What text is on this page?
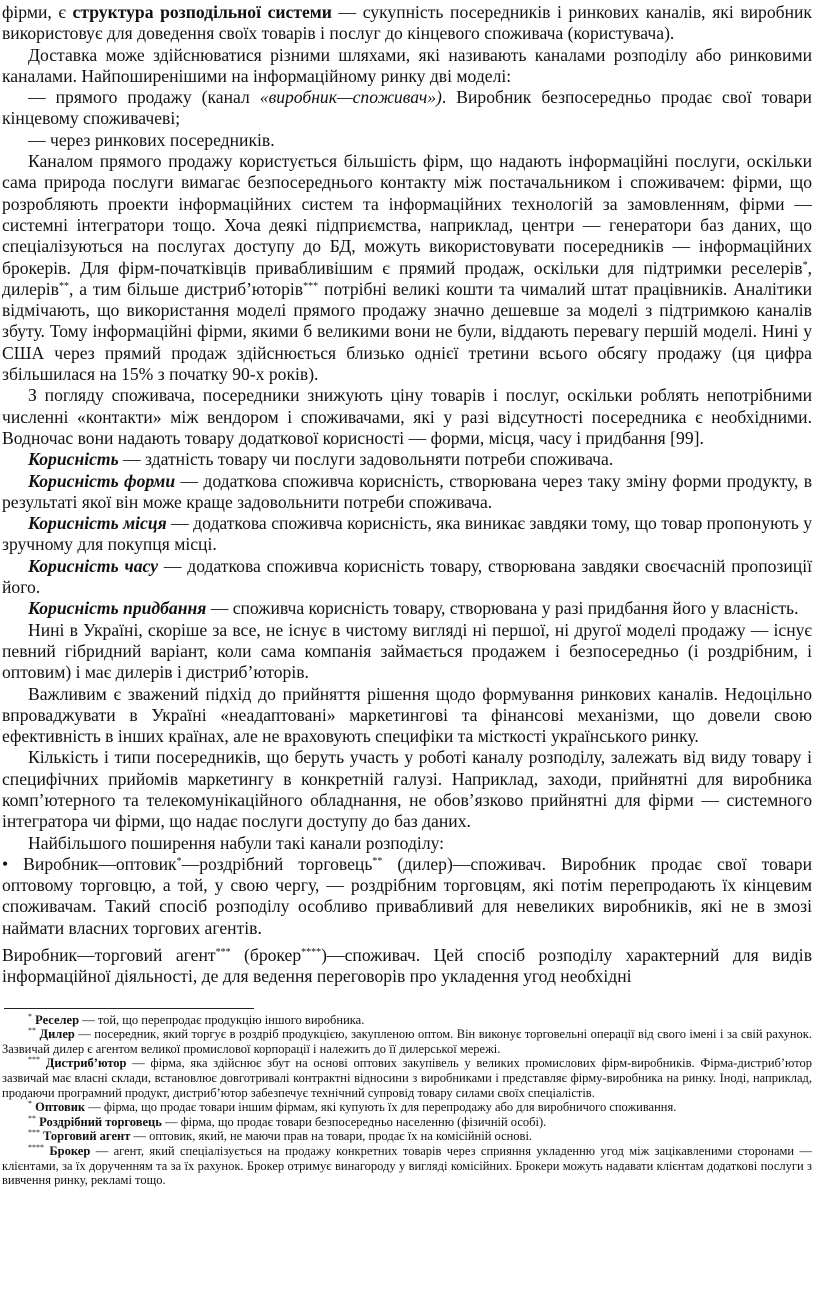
фірми, є структура розподільної системи — сукупність посередників і ринкових каналів, які виробник використовує для доведення своїх товарів і послуг до кінцевого споживача (користувача).

Доставка може здійснюватися різними шляхами, які називають каналами розподілу або ринковими каналами. Найпоширенішими на інформаційному ринку дві моделі:

— прямого продажу (канал «виробник—споживач»). Виробник безпосередньо продає свої товари кінцевому споживачеві;

— через ринкових посередників.

Каналом прямого продажу користується більшість фірм, що надають інформаційні послуги, оскільки сама природа послуги вимагає безпосереднього контакту між постачальником і споживачем: фірми, що розробляють проекти інформаційних систем та інформаційних технологій за замовленням, фірми — системні інтегратори тощо. Хоча деякі підприємства, наприклад, центри — генератори баз даних, що спеціалізуються на послугах доступу до БД, можуть використовувати посередників — інформаційних брокерів. Для фірм-початківців привабливішим є прямий продаж, оскільки для підтримки реселерів*, дилерів**, а тим більше дистриб’юторів*** потрібні великі кошти та чималий штат працівників. Аналітики відмічають, що використання моделі прямого продажу значно дешевше за моделі з підтримкою каналів збуту. Тому інформаційні фірми, якими б великими вони не були, віддають перевагу першій моделі. Нині у США через прямий продаж здійснюється близько однієї третини всього обсягу продажу (ця цифра збільшилася на 15% з початку 90-х років).

З погляду споживача, посередники знижують ціну товарів і послуг, оскільки роблять непотрібними численні «контакти» між вендором і споживачами, які у разі відсутності посередника є необхідними. Водночас вони надають товару додаткової корисності — форми, місця, часу і придбання [99].

Корисність — здатність товару чи послуги задовольняти потреби споживача.

Корисність форми — додаткова споживча корисність, створювана через таку зміну форми продукту, в результаті якої він може краще задовольнити потреби споживача.

Корисність місця — додаткова споживча корисність, яка виникає завдяки тому, що товар пропонують у зручному для покупця місці.

Корисність часу — додаткова споживча корисність товару, створювана завдяки своєчасній пропозиції його.

Корисність придбання — споживча корисність товару, створювана у разі придбання його у власність.

Нині в Україні, скоріше за все, не існує в чистому вигляді ні першої, ні другої моделі продажу — існує певний гібридний варіант, коли сама компанія займається продажем і безпосередньо (і роздрібним, і оптовим) і має дилерів і дистриб’юторів.

Важливим є зважений підхід до прийняття рішення щодо формування ринкових каналів. Недоцільно впроваджувати в Україні «неадаптовані» маркетингові та фінансові механізми, що довели свою ефективність в інших країнах, але не враховують специфіки та місткості українського ринку.

Кількість і типи посередників, що беруть участь у роботі каналу розподілу, залежать від виду товару і специфічних прийомів маркетингу в конкретній галузі. Наприклад, заходи, прийнятні для виробника комп’ютерного та телекомунікаційного обладнання, не обов’язково прийнятні для фірми — системного інтегратора чи фірми, що надає послуги доступу до баз даних.

Найбільшого поширення набули такі канали розподілу:

• Виробник—оптовик*—роздрібний торговець** (дилер)—споживач. Виробник продає свої товари оптовому торговцю, а той, у свою чергу, — роздрібним торговцям, які потім перепродають їх кінцевим споживачам. Такий спосіб розподілу особливо привабливий для невеликих виробників, які не в змозі наймати власних торгових агентів.

Виробник—торговий агент*** (брокер****)—споживач. Цей спосіб розподілу характерний для видів інформаційної діяльності, де для ведення переговорів про укладення угод необхідні

* Реселер — той, що перепродає продукцію іншого виробника.

** Дилер — посередник, який торгує в роздріб продукцією, закупленою оптом. Він виконує торговельні операції від свого імені і за свій рахунок. Зазвичай дилер є агентом великої промислової корпорації і належить до її дилерської мережі.

*** Дистриб’ютор — фірма, яка здійснює збут на основі оптових закупівель у великих промислових фірм-виробників. Фірма-дистриб’ютор зазвичай має власні склади, встановлює довготривалі контрактні відносини з виробниками і представляє фірму-виробника на ринку. Іноді, наприклад, продаючи програмний продукт, дистриб’ютор забезпечує технічний супровід товару силами своїх спеціалістів.

* Оптовик — фірма, що продає товари іншим фірмам, які купують їх для перепродажу або для виробничого споживання.

** Роздрібний торговець — фірма, що продає товари безпосередньо населенню (фізичній особі).

*** Торговий агент — оптовик, який, не маючи прав на товари, продає їх на комісійній основі.

**** Брокер — агент, який спеціалізується на продажу конкретних товарів через сприяння укладенню угод між зацікавленими сторонами — клієнтами, за їх дорученням та за їх рахунок. Брокер отримує винагороду у вигляді комісійних. Брокери можуть надавати клієнтам додаткові послуги з вивчення ринку, рекламі тощо.
